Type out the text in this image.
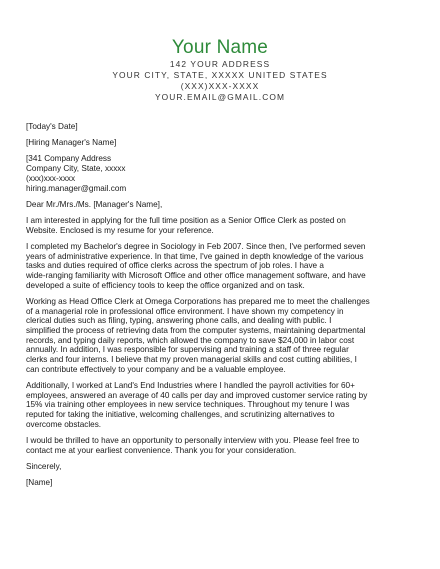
Your Name
142 YOUR ADDRESS
YOUR CITY, STATE, XXXXX UNITED STATES
(XXX)XXX-XXXX
YOUR.EMAIL@GMAIL.COM

[Today's Date]

[Hiring Manager's Name]

[341 Company Address
Company City, State, xxxxx
(xxx)xxx-xxxx
hiring.manager@gmail.com

Dear Mr./Mrs./Ms. [Manager's Name],

I am interested in applying for the full time position as a Senior Office Clerk as posted on
Website. Enclosed is my resume for your reference.
I completed my Bachelor's degree in Sociology in Feb 2007. Since then, I've performed seven
years of administrative experience. In that time, I've gained in depth knowledge of the various
tasks and duties required of office clerks across the spectrum of job roles. I have a
wide-ranging familiarity with Microsoft Office and other office management software, and have
developed a suite of efficiency tools to keep the office organized and on task.
Working as Head Office Clerk at Omega Corporations has prepared me to meet the challenges
of a managerial role in professional office environment. I have shown my competency in
clerical duties such as filing, typing, answering phone calls, and dealing with public. I
simplified the process of retrieving data from the computer systems, maintaining departmental
records, and typing daily reports, which allowed the company to save $24,000 in labor cost
annually. In addition, I was responsible for supervising and training a staff of three regular
clerks and four interns. I believe that my proven managerial skills and cost cutting abilities, I
can contribute effectively to your company and be a valuable employee.
Additionally, I worked at Land's End Industries where I handled the payroll activities for 60+
employees, answered an average of 40 calls per day and improved customer service rating by
15% via training other employees in new service techniques. Throughout my tenure I was
reputed for taking the initiative, welcoming challenges, and scrutinizing alternatives to
overcome obstacles.
I would be thrilled to have an opportunity to personally interview with you. Please feel free to
contact me at your earliest convenience. Thank you for your consideration.

Sincerely,

[Name]
